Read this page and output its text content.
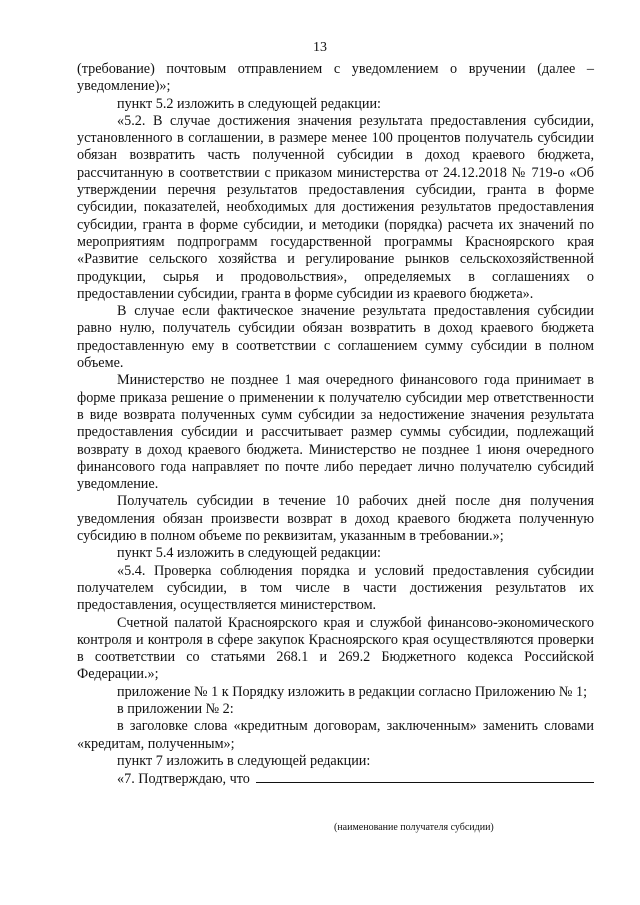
13

(требование) почтовым отправлением с уведомлением о вручении (далее – уведомление)»;

пункт 5.2 изложить в следующей редакции:

«5.2. В случае достижения значения результата предоставления субсидии, установленного в соглашении, в размере менее 100 процентов получатель субсидии обязан возвратить часть полученной субсидии в доход краевого бюджета, рассчитанную в соответствии с приказом министерства от 24.12.2018 № 719-о «Об утверждении перечня результатов предоставления субсидии, гранта в форме субсидии, показателей, необходимых для достижения результатов предоставления субсидии, гранта в форме субсидии, и методики (порядка) расчета их значений по мероприятиям подпрограмм государственной программы Красноярского края «Развитие сельского хозяйства и регулирование рынков сельскохозяйственной продукции, сырья и продовольствия», определяемых в соглашениях о предоставлении субсидии, гранта в форме субсидии из краевого бюджета».

В случае если фактическое значение результата предоставления субсидии равно нулю, получатель субсидии обязан возвратить в доход краевого бюджета предоставленную ему в соответствии с соглашением сумму субсидии в полном объеме.

Министерство не позднее 1 мая очередного финансового года принимает в форме приказа решение о применении к получателю субсидии мер ответственности в виде возврата полученных сумм субсидии за недостижение значения результата предоставления субсидии и рассчитывает размер суммы субсидии, подлежащий возврату в доход краевого бюджета. Министерство не позднее 1 июня очередного финансового года направляет по почте либо передает лично получателю субсидий уведомление.

Получатель субсидии в течение 10 рабочих дней после дня получения уведомления обязан произвести возврат в доход краевого бюджета полученную субсидию в полном объеме по реквизитам, указанным в требовании.»;

пункт 5.4 изложить в следующей редакции:

«5.4. Проверка соблюдения порядка и условий предоставления субсидии получателем субсидии, в том числе в части достижения результатов их предоставления, осуществляется министерством.

Счетной палатой Красноярского края и службой финансово-экономического контроля и контроля в сфере закупок Красноярского края осуществляются проверки в соответствии со статьями 268.1 и 269.2 Бюджетного кодекса Российской Федерации.»;

приложение № 1 к Порядку изложить в редакции согласно Приложению № 1;

в приложении № 2:

в заголовке слова «кредитным договорам, заключенным» заменить словами «кредитам, полученным»;

пункт 7 изложить в следующей редакции:

«7. Подтверждаю, что
(наименование получателя субсидии)
